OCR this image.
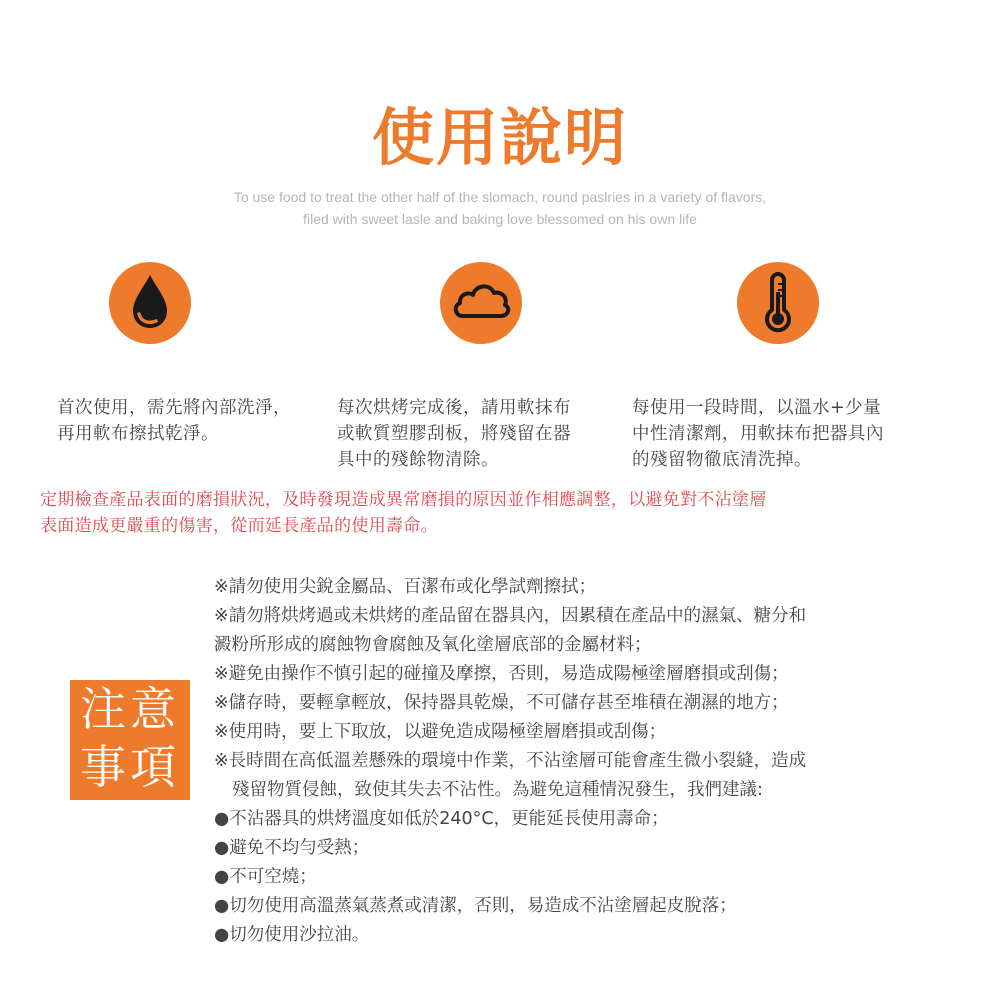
使用說明
To use food to treat the other half of the slomach, round paslries in a variety of flavors,
filed with sweet lasle and baking love blessomed on his own life
首次使用，需先將內部洗淨，
再用軟布擦拭乾淨。
每次烘烤完成後，請用軟抹布
或軟質塑膠刮板，將殘留在器
具中的殘餘物清除。
每使用一段時間，以溫水+少量
中性清潔劑，用軟抹布把器具內
的殘留物徹底清洗掉。
定期檢查產品表面的磨損狀況，及時發現造成異常磨損的原因並作相應調整，以避免對不沾塗層
表面造成更嚴重的傷害，從而延長產品的使用壽命。
注意
事項
※請勿使用尖銳金屬品、百潔布或化學試劑擦拭；
※請勿將烘烤過或未烘烤的產品留在器具內，因累積在產品中的濕氣、糖分和
澱粉所形成的腐蝕物會腐蝕及氧化塗層底部的金屬材料；
※避免由操作不慎引起的碰撞及摩擦，否則，易造成陽極塗層磨損或刮傷；
※儲存時，要輕拿輕放，保持器具乾燥，不可儲存甚至堆積在潮濕的地方；
※使用時，要上下取放，以避免造成陽極塗層磨損或刮傷；
※長時間在高低溫差懸殊的環境中作業，不沾塗層可能會產生微小裂縫，造成
殘留物質侵蝕，致使其失去不沾性。為避免這種情況發生，我們建議:
●不沾器具的烘烤溫度如低於240°C，更能延長使用壽命；
●避免不均勻受熱；
●不可空燒；
●切勿使用高溫蒸氣蒸煮或清潔，否則，易造成不沾塗層起皮脫落；
●切勿使用沙拉油。
